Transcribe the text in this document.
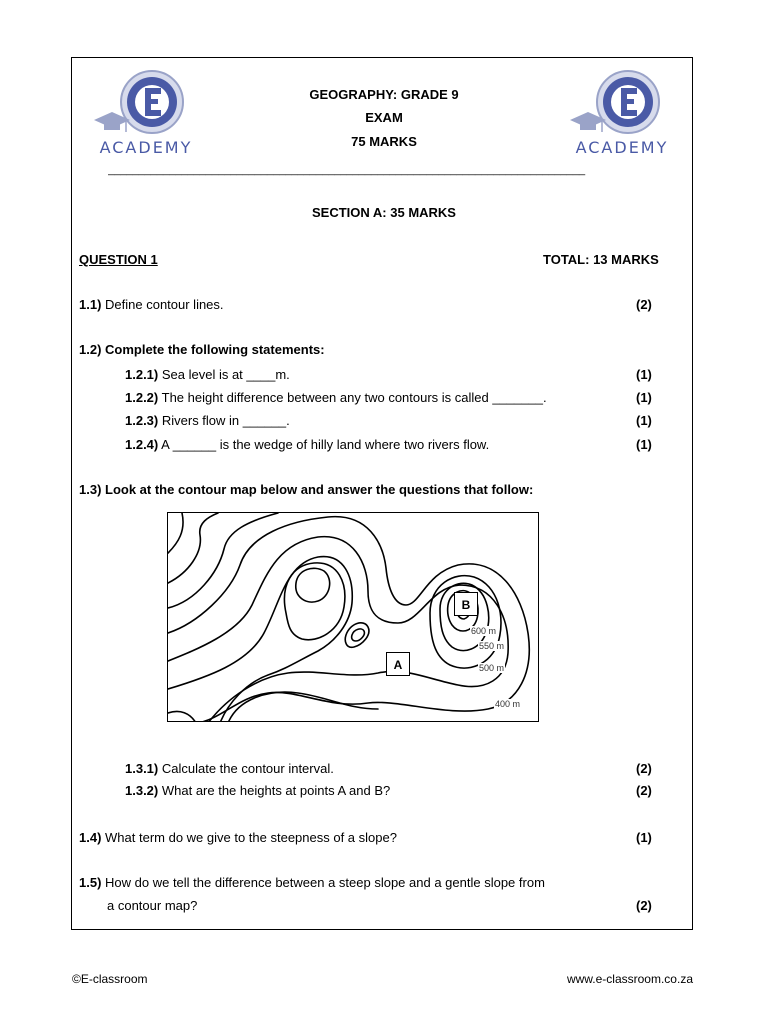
ACADEMY	ACADEMY
GEOGRAPHY: GRADE 9
EXAM
75 MARKS
______________________________________________________________________________
SECTION A: 35 MARKS
QUESTION 1	TOTAL: 13 MARKS
1.1) Define contour lines.	(2)
1.2) Complete the following statements:
1.2.1) Sea level is at ____m.	(1)
1.2.2) The height difference between any two contours is called _______.	(1)
1.2.3) Rivers flow in ______.	(1)
1.2.4) A ______ is the wedge of hilly land where two rivers flow.	(1)
1.3) Look at the contour map below and answer the questions that follow:
B
A
600 m
550 m
500 m
400 m
1.3.1) Calculate the contour interval.	(2)
1.3.2) What are the heights at points A and B?	(2)
1.4) What term do we give to the steepness of a slope?	(1)
1.5) How do we tell the difference between a steep slope and a gentle slope from
a contour map?	(2)
©E-classroom	www.e-classroom.co.za
